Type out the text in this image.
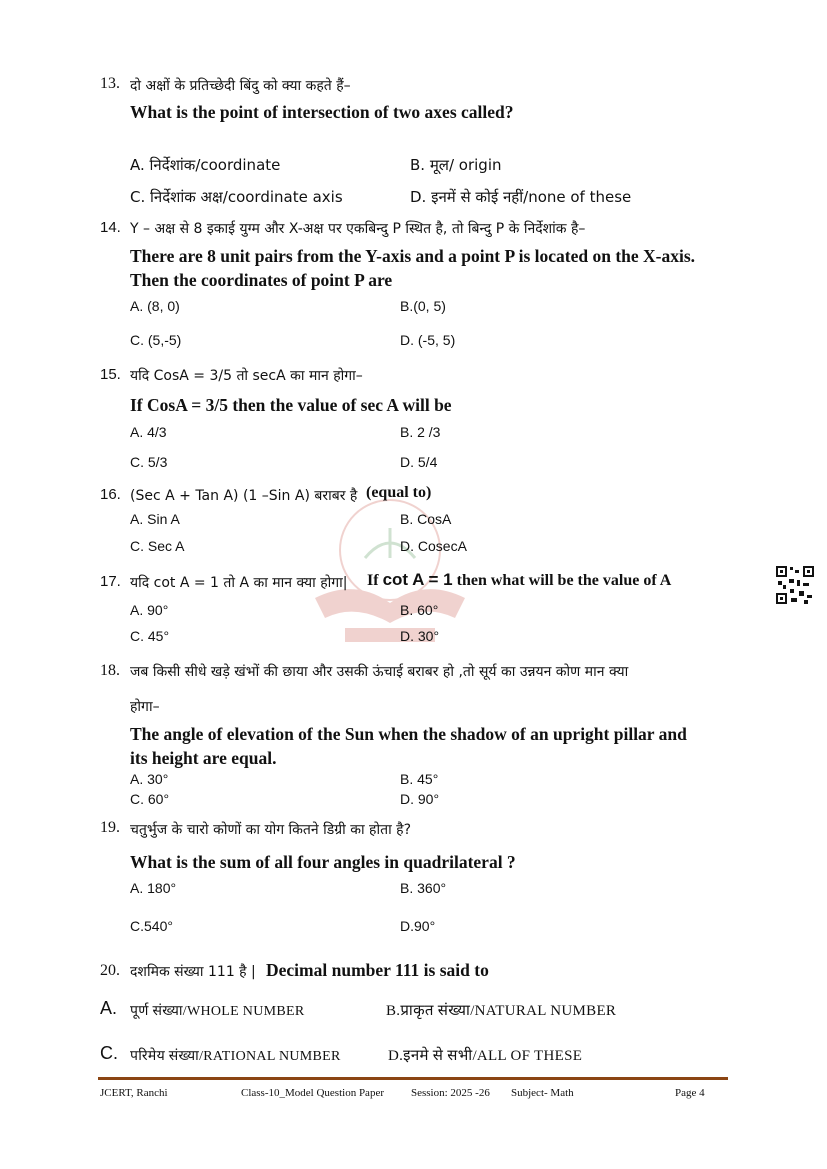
13. दो अक्षों के प्रतिच्छेदी बिंदु को क्या कहते हैं–
What is the point of intersection of two axes called?
A. निर्देशांक/coordinate	B. मूल/ origin
C. निर्देशांक अक्ष/coordinate axis	D. इनमें से कोई नहीं/none of these
14. Y – अक्ष से 8 इकाई युग्म और X-अक्ष पर एकबिन्दु P स्थित है, तो बिन्दु P के निर्देशांक है–
There are 8 unit pairs from the Y-axis and a point P is located on the X-axis.
Then the coordinates of point P are
A. (8, 0)	B.(0, 5)
C. (5,-5)	D. (-5, 5)
15. यदि CosA = 3/5 तो secA का मान होगा–
If CosA = 3/5 then the value of sec A will be
A. 4/3	B. 2 /3
C. 5/3	D. 5/4
16. (Sec A + Tan A) (1 –Sin A) बराबर है (equal to)
A. Sin A	B. CosA
C. Sec A	D. CosecA
17. यदि cot A = 1 तो A का मान क्या होगा| If cot A = 1 then what will be the value of A
A. 90°	B. 60°
C. 45°	D. 30°
18. जब किसी सीधे खड़े खंभों की छाया और उसकी ऊंचाई बराबर हो ,तो सूर्य का उन्नयन कोण मान क्या
होगा–
The angle of elevation of the Sun when the shadow of an upright pillar and
its height are equal.
A. 30°	B. 45°
C. 60°	D. 90°
19. चतुर्भुज के चारो कोणों का योग कितने डिग्री का होता है?
What is the sum of all four angles in quadrilateral ?
A. 180°	B. 360°
C.540°	D.90°
20. दशमिक संख्या 111 है | Decimal number 111 is said to
A. पूर्ण संख्या/WHOLE NUMBER	B.प्राकृत संख्या/NATURAL NUMBER
C. परिमेय संख्या/RATIONAL NUMBER	D.इनमे से सभी/ALL OF THESE
JCERT, Ranchi	Class-10_Model Question Paper Session: 2025 -26 Subject- Math	Page 4
